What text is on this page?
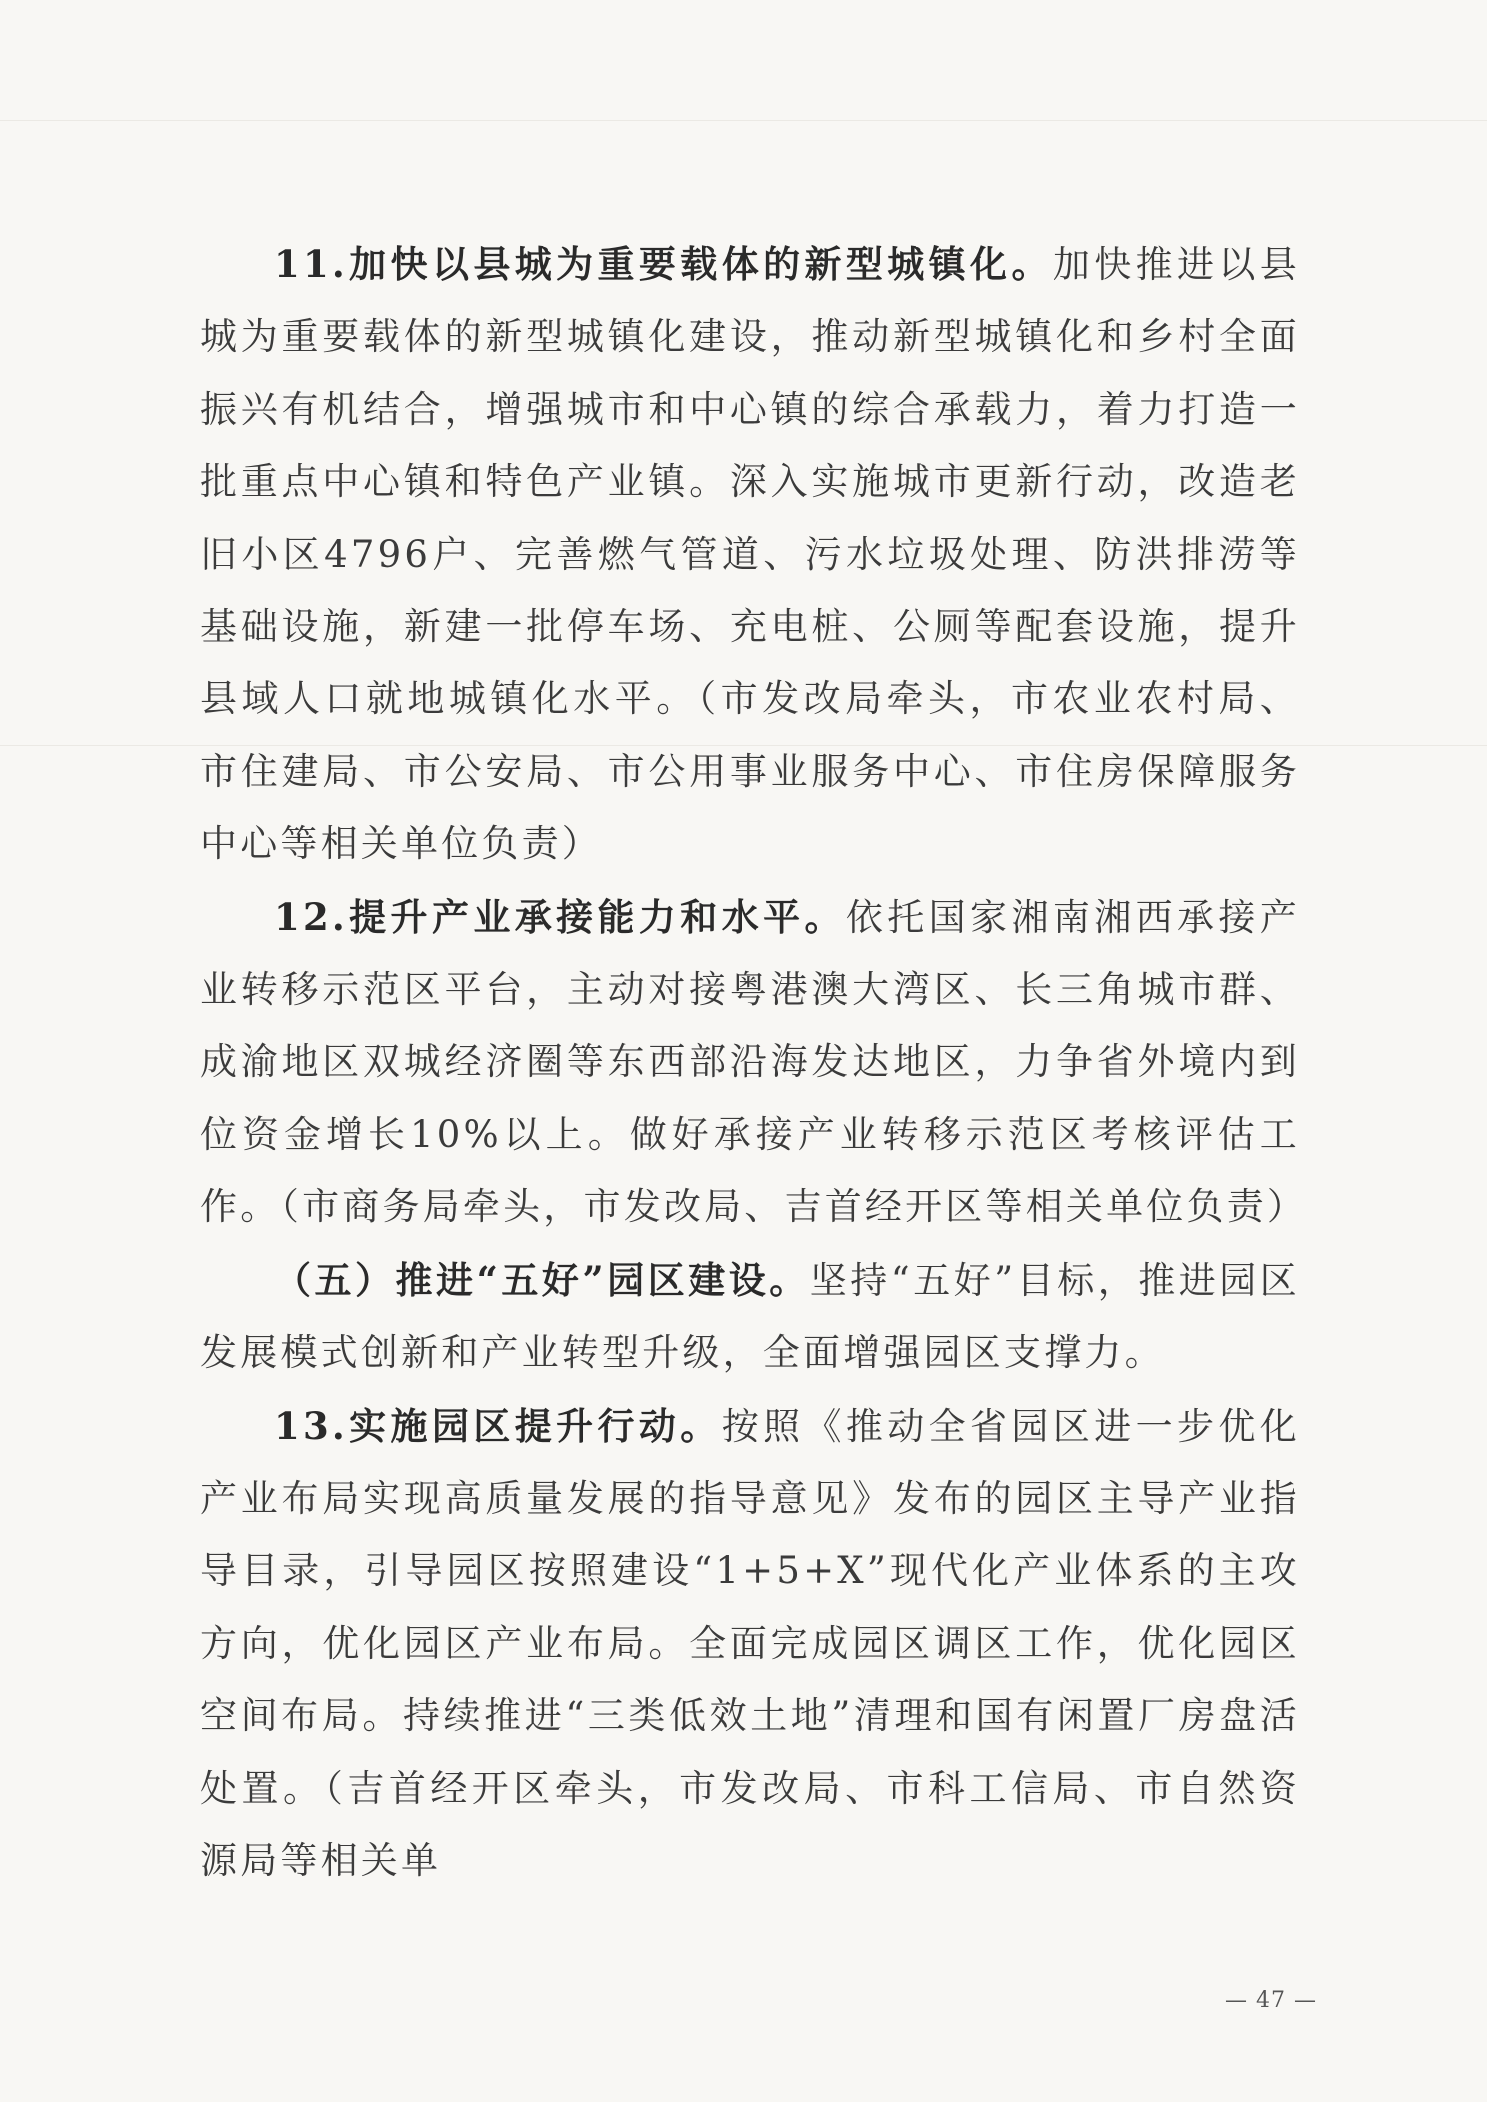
11.加快以县城为重要载体的新型城镇化。加快推进以县城为重要载体的新型城镇化建设，推动新型城镇化和乡村全面振兴有机结合，增强城市和中心镇的综合承载力，着力打造一批重点中心镇和特色产业镇。深入实施城市更新行动，改造老旧小区4796户、完善燃气管道、污水垃圾处理、防洪排涝等基础设施，新建一批停车场、充电桩、公厕等配套设施，提升县域人口就地城镇化水平。（市发改局牵头，市农业农村局、市住建局、市公安局、市公用事业服务中心、市住房保障服务中心等相关单位负责）

12.提升产业承接能力和水平。依托国家湘南湘西承接产业转移示范区平台，主动对接粤港澳大湾区、长三角城市群、成渝地区双城经济圈等东西部沿海发达地区，力争省外境内到位资金增长10%以上。做好承接产业转移示范区考核评估工作。（市商务局牵头，市发改局、吉首经开区等相关单位负责）

（五）推进“五好”园区建设。坚持“五好”目标，推进园区发展模式创新和产业转型升级，全面增强园区支撑力。

13.实施园区提升行动。按照《推动全省园区进一步优化产业布局实现高质量发展的指导意见》发布的园区主导产业指导目录，引导园区按照建设“1+5+X”现代化产业体系的主攻方向，优化园区产业布局。全面完成园区调区工作，优化园区空间布局。持续推进“三类低效土地”清理和国有闲置厂房盘活处置。（吉首经开区牵头，市发改局、市科工信局、市自然资源局等相关单

— 47 —
